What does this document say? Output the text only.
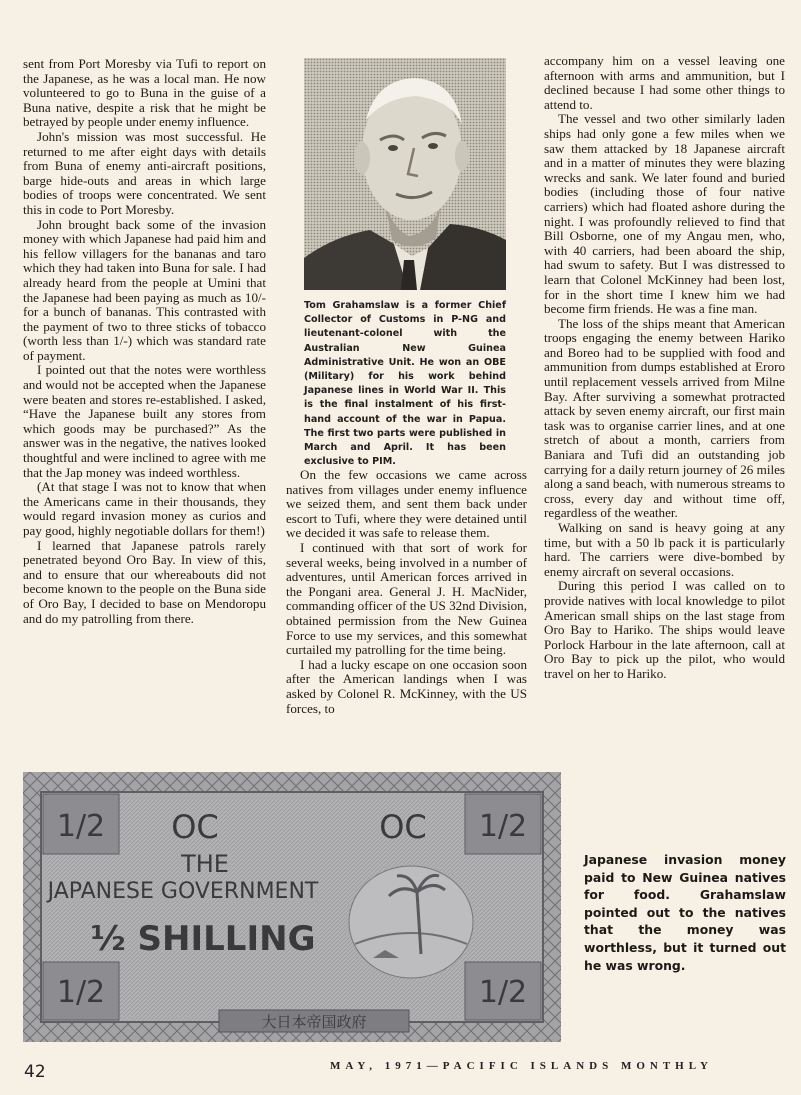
sent from Port Moresby via Tufi to report on the Japanese, as he was a local man. He now volunteered to go to Buna in the guise of a Buna native, despite a risk that he might be betrayed by people under enemy influence.

John's mission was most successful. He returned to me after eight days with details from Buna of enemy anti-aircraft positions, barge hide-outs and areas in which large bodies of troops were concentrated. We sent this in code to Port Moresby.

John brought back some of the invasion money with which Japanese had paid him and his fellow villagers for the bananas and taro which they had taken into Buna for sale. I had already heard from the people at Umini that the Japanese had been paying as much as 10/- for a bunch of bananas. This contrasted with the payment of two to three sticks of tobacco (worth less than 1/-) which was standard rate of payment.

I pointed out that the notes were worthless and would not be accepted when the Japanese were beaten and stores re-established. I asked, “Have the Japanese built any stores from which goods may be purchased?” As the answer was in the negative, the natives looked thoughtful and were inclined to agree with me that the Jap money was indeed worthless.

(At that stage I was not to know that when the Americans came in their thousands, they would regard invasion money as curios and pay good, highly negotiable dollars for them!)

I learned that Japanese patrols rarely penetrated beyond Oro Bay. In view of this, and to ensure that our whereabouts did not become known to the people on the Buna side of Oro Bay, I decided to base on Mendoropu and do my patrolling from there.

Tom Grahamslaw is a former Chief Collector of Customs in P-NG and lieutenant-colonel with the Australian New Guinea Administrative Unit. He won an OBE (Military) for his work behind Japanese lines in World War II. This is the final instalment of his first-hand account of the war in Papua. The first two parts were published in March and April. It has been exclusive to PIM.

On the few occasions we came across natives from villages under enemy influence we seized them, and sent them back under escort to Tufi, where they were detained until we decided it was safe to release them.

I continued with that sort of work for several weeks, being involved in a number of adventures, until American forces arrived in the Pongani area. General J. H. MacNider, commanding officer of the US 32nd Division, obtained permission from the New Guinea Force to use my services, and this somewhat curtailed my patrolling for the time being.

I had a lucky escape on one occasion soon after the American landings when I was asked by Colonel R. McKinney, with the US forces, to

accompany him on a vessel leaving one afternoon with arms and ammunition, but I declined because I had some other things to attend to.

The vessel and two other similarly laden ships had only gone a few miles when we saw them attacked by 18 Japanese aircraft and in a matter of minutes they were blazing wrecks and sank. We later found and buried bodies (including those of four native carriers) which had floated ashore during the night. I was profoundly relieved to find that Bill Osborne, one of my Angau men, who, with 40 carriers, had been aboard the ship, had swum to safety. But I was distressed to learn that Colonel McKinney had been lost, for in the short time I knew him we had become firm friends. He was a fine man.

The loss of the ships meant that American troops engaging the enemy between Hariko and Boreo had to be supplied with food and ammunition from dumps established at Eroro until replacement vessels arrived from Milne Bay. After surviving a somewhat protracted attack by seven enemy aircraft, our first main task was to organise carrier lines, and at one stretch of about a month, carriers from Baniara and Tufi did an outstanding job carrying for a daily return journey of 26 miles along a sand beach, with numerous streams to cross, every day and without time off, regardless of the weather.

Walking on sand is heavy going at any time, but with a 50 lb pack it is particularly hard. The carriers were dive-bombed by enemy aircraft on several occasions.

During this period I was called on to provide natives with local knowledge to pilot American small ships on the last stage from Oro Bay to Hariko. The ships would leave Porlock Harbour in the late afternoon, call at Oro Bay to pick up the pilot, who would travel on her to Hariko.

1/2	1/2
1/2	1/2
OC	OC
THE
JAPANESE GOVERNMENT
½ SHILLING
大日本帝国政府
Japanese invasion money paid to New Guinea natives for food. Grahamslaw pointed out to the natives that the money was worthless, but it turned out he was wrong.
42	MAY, 1971—PACIFIC ISLANDS MONTHLY
